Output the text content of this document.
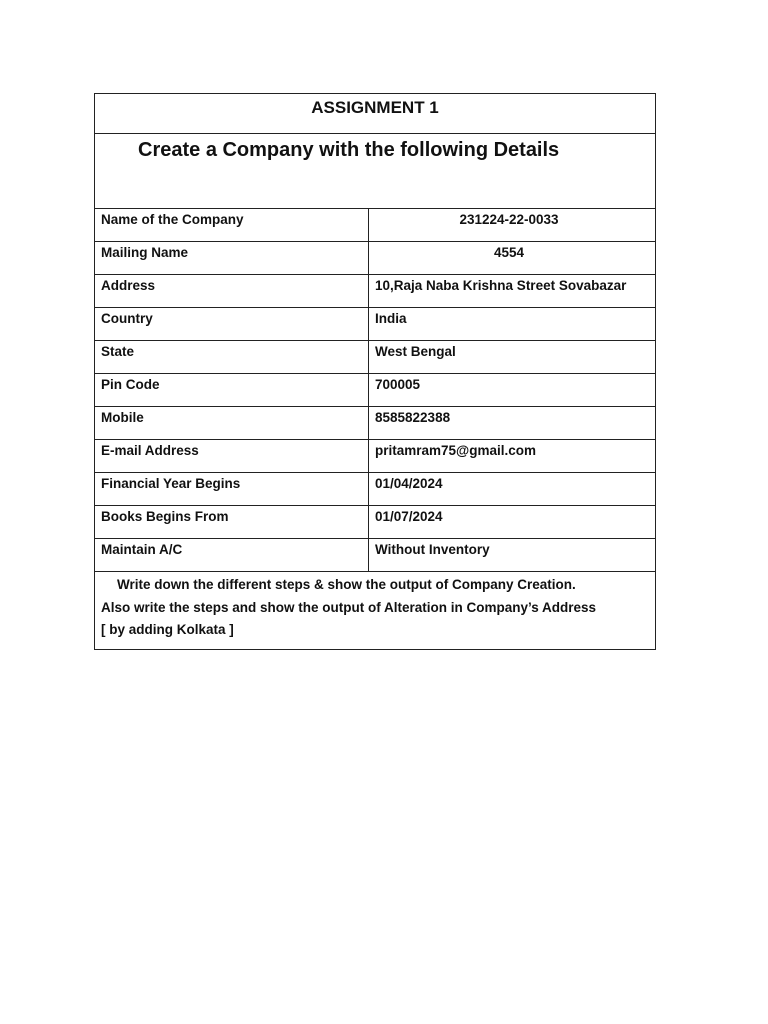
ASSIGNMENT 1
Create a Company with the following Details
Name of the Company	231224-22-0033
Mailing Name	4554
Address	10,Raja Naba Krishna Street Sovabazar
Country	India
State	West Bengal
Pin Code	700005
Mobile	8585822388
E-mail Address	pritamram75@gmail.com
Financial Year Begins	01/04/2024
Books Begins From	01/07/2024
Maintain A/C	Without Inventory
Write down the different steps & show the output of Company Creation.
Also write the steps and show the output of Alteration in Company’s Address
[ by adding Kolkata ]
